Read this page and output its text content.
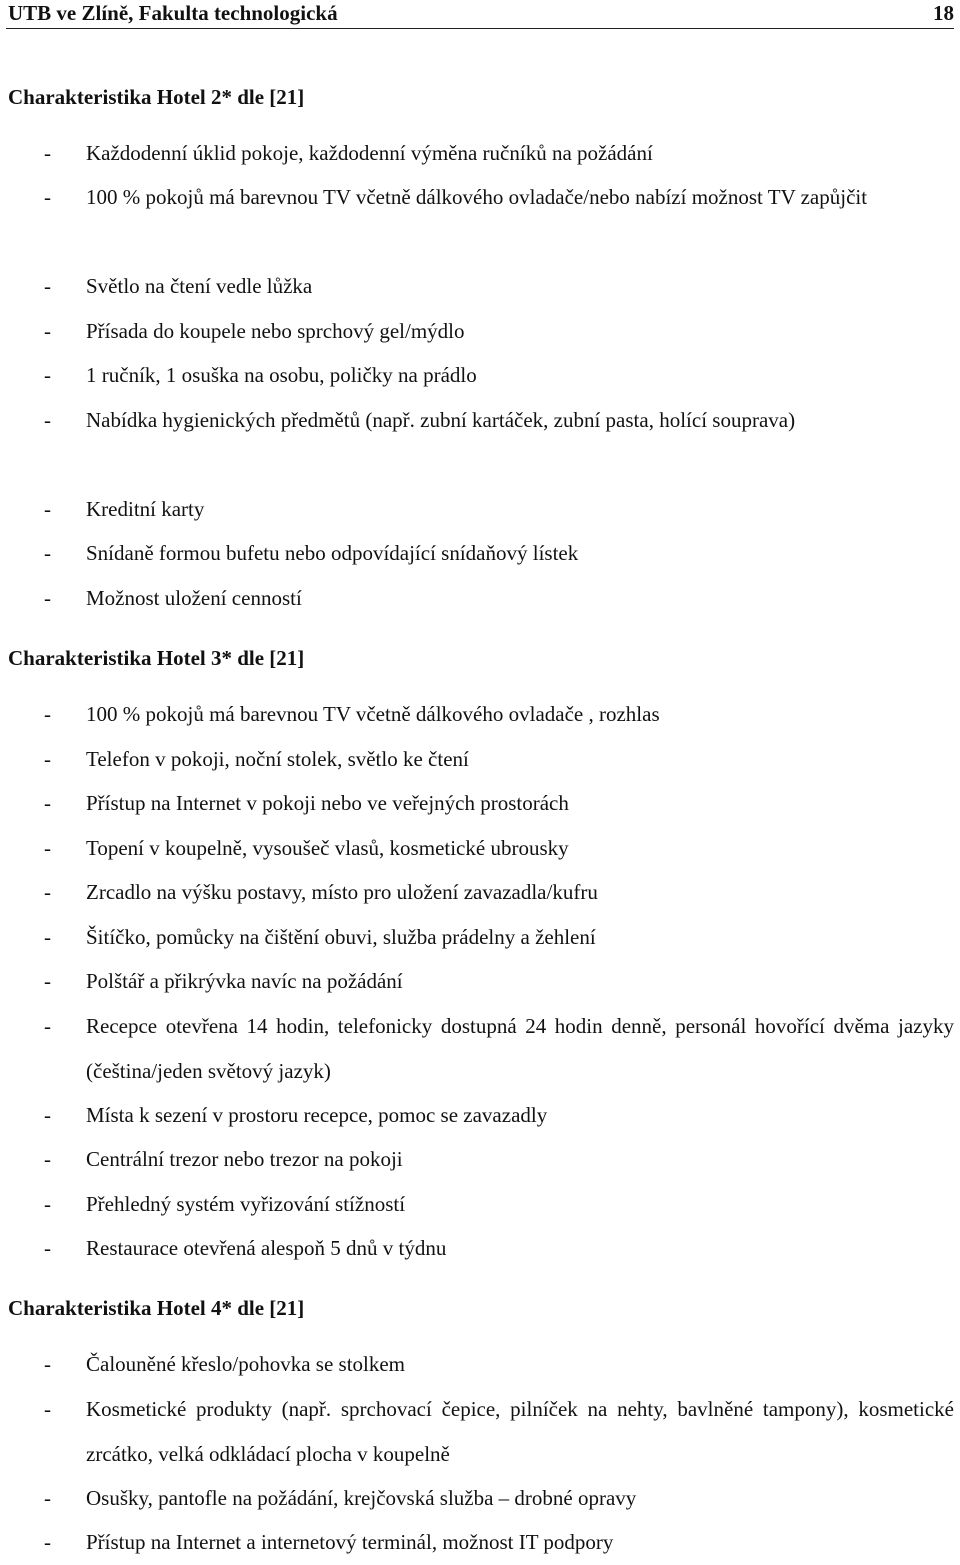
UTB ve Zlíně, Fakulta technologická	18
Charakteristika Hotel 2* dle [21]
- Každodenní úklid pokoje, každodenní výměna ručníků na požádání
- 100 % pokojů má barevnou TV včetně dálkového ovladače/nebo nabízí možnost TV zapůjčit
- Světlo na čtení vedle lůžka
- Přísada do koupele nebo sprchový gel/mýdlo
- 1 ručník, 1 osuška na osobu, poličky na prádlo
- Nabídka hygienických předmětů (např. zubní kartáček, zubní pasta, holící souprava)
- Kreditní karty
- Snídaně formou bufetu nebo odpovídající snídaňový lístek
- Možnost uložení cenností
Charakteristika Hotel 3* dle [21]
- 100 % pokojů má barevnou TV včetně dálkového ovladače , rozhlas
- Telefon v pokoji, noční stolek, světlo ke čtení
- Přístup na Internet v pokoji nebo ve veřejných prostorách
- Topení v koupelně, vysoušeč vlasů, kosmetické ubrousky
- Zrcadlo na výšku postavy, místo pro uložení zavazadla/kufru
- Šitíčko, pomůcky na čištění obuvi, služba prádelny a žehlení
- Polštář a přikrývka navíc na požádání
- Recepce otevřena 14 hodin, telefonicky dostupná 24 hodin denně, personál hovořící dvěma jazyky (čeština/jeden světový jazyk)
- Místa k sezení v prostoru recepce, pomoc se zavazadly
- Centrální trezor nebo trezor na pokoji
- Přehledný systém vyřizování stížností
- Restaurace otevřená alespoň 5 dnů v týdnu
Charakteristika Hotel 4* dle [21]
- Čalouněné křeslo/pohovka se stolkem
- Kosmetické produkty (např. sprchovací čepice, pilníček na nehty, bavlněné tampony), kosmetické zrcátko, velká odkládací plocha v koupelně
- Osušky, pantofle na požádání, krejčovská služba – drobné opravy
- Přístup na Internet a internetový terminál, možnost IT podpory
